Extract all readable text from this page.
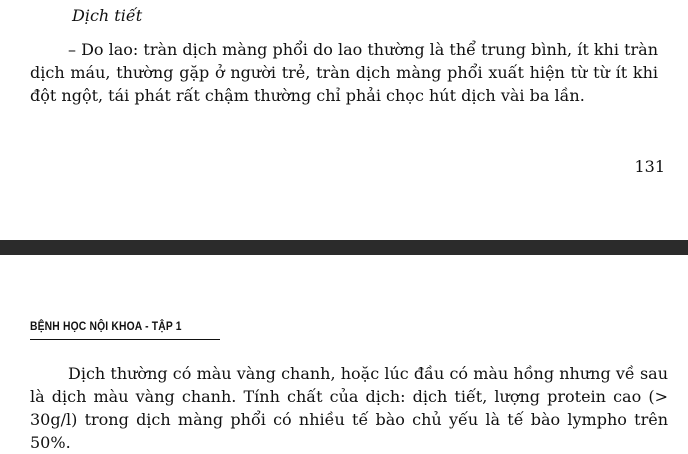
Dịch tiết

– Do lao: tràn dịch màng phổi do lao thường là thể trung bình, ít khi tràn dịch máu, thường gặp ở người trẻ, tràn dịch màng phổi xuất hiện từ từ ít khi đột ngột, tái phát rất chậm thường chỉ phải chọc hút dịch vài ba lần.

131
BỆNH HỌC NỘI KHOA - TẬP 1

Dịch thường có màu vàng chanh, hoặc lúc đầu có màu hồng nhưng về sau là dịch màu vàng chanh. Tính chất của dịch: dịch tiết, lượng protein cao (> 30g/l) trong dịch màng phổi có nhiều tế bào chủ yếu là tế bào lympho trên 50%.
